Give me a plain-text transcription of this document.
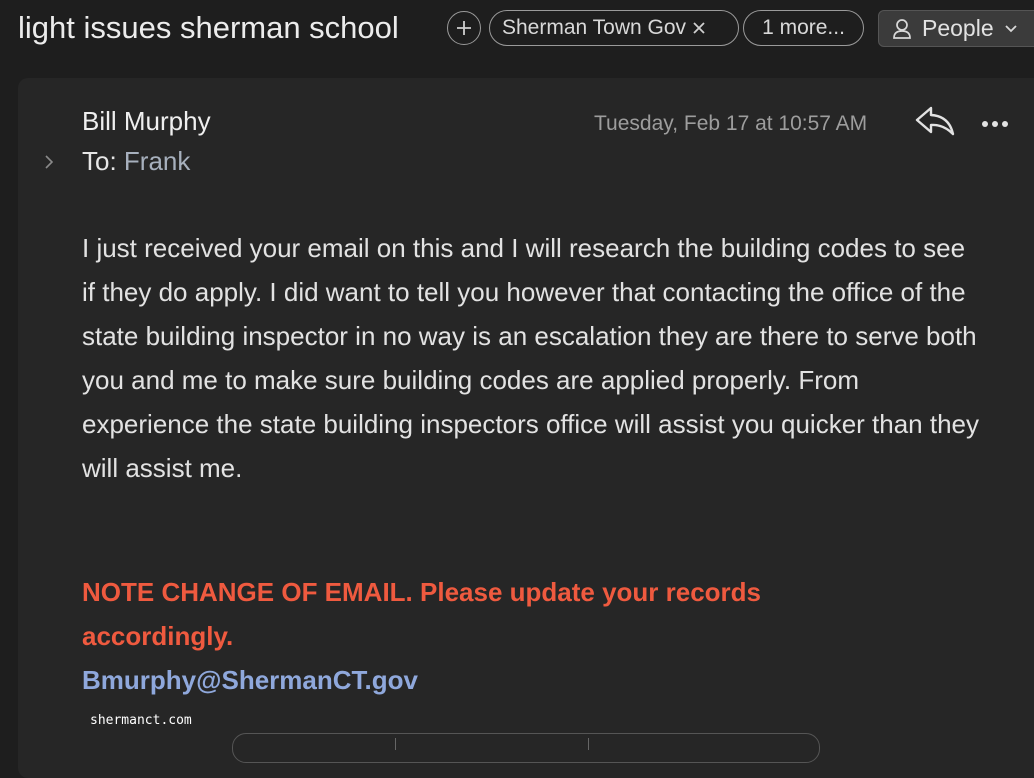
light issues sherman school	Sherman Town Gov	1 more...	People
Bill Murphy
To: Frank
Tuesday, Feb 17 at 10:57 AM
I just received your email on this and I will research the building codes to see if they do apply. I did want to tell you however that contacting the office of the state building inspector in no way is an escalation they are there to serve both you and me to make sure building codes are applied properly. From experience the state building inspectors office will assist you quicker than they will assist me.
NOTE CHANGE OF EMAIL. Please update your records accordingly.
Bmurphy@ShermanCT.gov
shermanct.com
